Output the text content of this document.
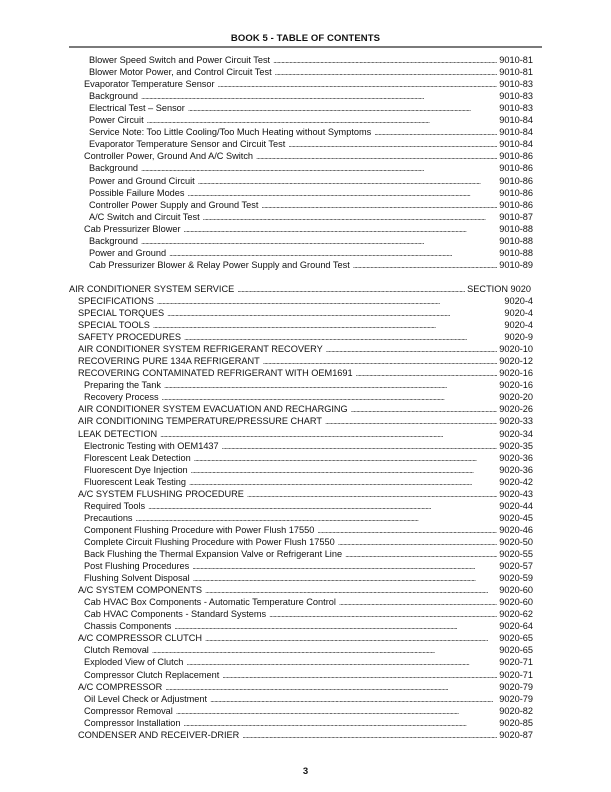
BOOK 5 - TABLE OF CONTENTS
Blower Speed Switch and Power Circuit Test . . .	9010-81
Blower Motor Power, and Control Circuit Test . . .	9010-81
Evaporator Temperature Sensor . . .	9010-83
Background . . .	9010-83
Electrical Test – Sensor . . .	9010-83
Power Circuit . . .	9010-84
Service Note: Too Little Cooling/Too Much Heating without Symptoms . . .	9010-84
Evaporator Temperature Sensor and Circuit Test . . .	9010-84
Controller Power, Ground And A/C Switch . . .	9010-86
Background . . .	9010-86
Power and Ground Circuit . . .	9010-86
Possible Failure Modes . . .	9010-86
Controller Power Supply and Ground Test . . .	9010-86
A/C Switch and Circuit Test . . .	9010-87
Cab Pressurizer Blower . . .	9010-88
Background . . .	9010-88
Power and Ground . . .	9010-88
Cab Pressurizer Blower & Relay Power Supply and Ground Test . . .	9010-89
AIR CONDITIONER SYSTEM SERVICE . . .	SECTION 9020
SPECIFICATIONS . . .	9020-4
SPECIAL TORQUES . . .	9020-4
SPECIAL TOOLS . . .	9020-4
SAFETY PROCEDURES . . .	9020-9
AIR CONDITIONER SYSTEM REFRIGERANT RECOVERY . . .	9020-10
RECOVERING PURE 134A REFRIGERANT . . .	9020-12
RECOVERING CONTAMINATED REFRIGERANT WITH OEM1691 . . .	9020-16
Preparing the Tank . . .	9020-16
Recovery Process . . .	9020-20
AIR CONDITIONER SYSTEM EVACUATION AND RECHARGING . . .	9020-26
AIR CONDITIONING TEMPERATURE/PRESSURE CHART . . .	9020-33
LEAK DETECTION . . .	9020-34
Electronic Testing with OEM1437 . . .	9020-35
Florescent Leak Detection . . .	9020-36
Fluorescent Dye Injection . . .	9020-36
Fluorescent Leak Testing . . .	9020-42
A/C SYSTEM FLUSHING PROCEDURE . . .	9020-43
Required Tools . . .	9020-44
Precautions . . .	9020-45
Component Flushing Procedure with Power Flush 17550 . . .	9020-46
Complete Circuit Flushing Procedure with Power Flush 17550 . . .	9020-50
Back Flushing the Thermal Expansion Valve or Refrigerant Line . . .	9020-55
Post Flushing Procedures . . .	9020-57
Flushing Solvent Disposal . . .	9020-59
A/C SYSTEM COMPONENTS . . .	9020-60
Cab HVAC Box Components - Automatic Temperature Control . . .	9020-60
Cab HVAC Components - Standard Systems . . .	9020-62
Chassis Components . . .	9020-64
A/C COMPRESSOR CLUTCH . . .	9020-65
Clutch Removal . . .	9020-65
Exploded View of Clutch . . .	9020-71
Compressor Clutch Replacement . . .	9020-71
A/C COMPRESSOR . . .	9020-79
Oil Level Check or Adjustment . . .	9020-79
Compressor Removal . . .	9020-82
Compressor Installation . . .	9020-85
CONDENSER AND RECEIVER-DRIER . . .	9020-87
3
